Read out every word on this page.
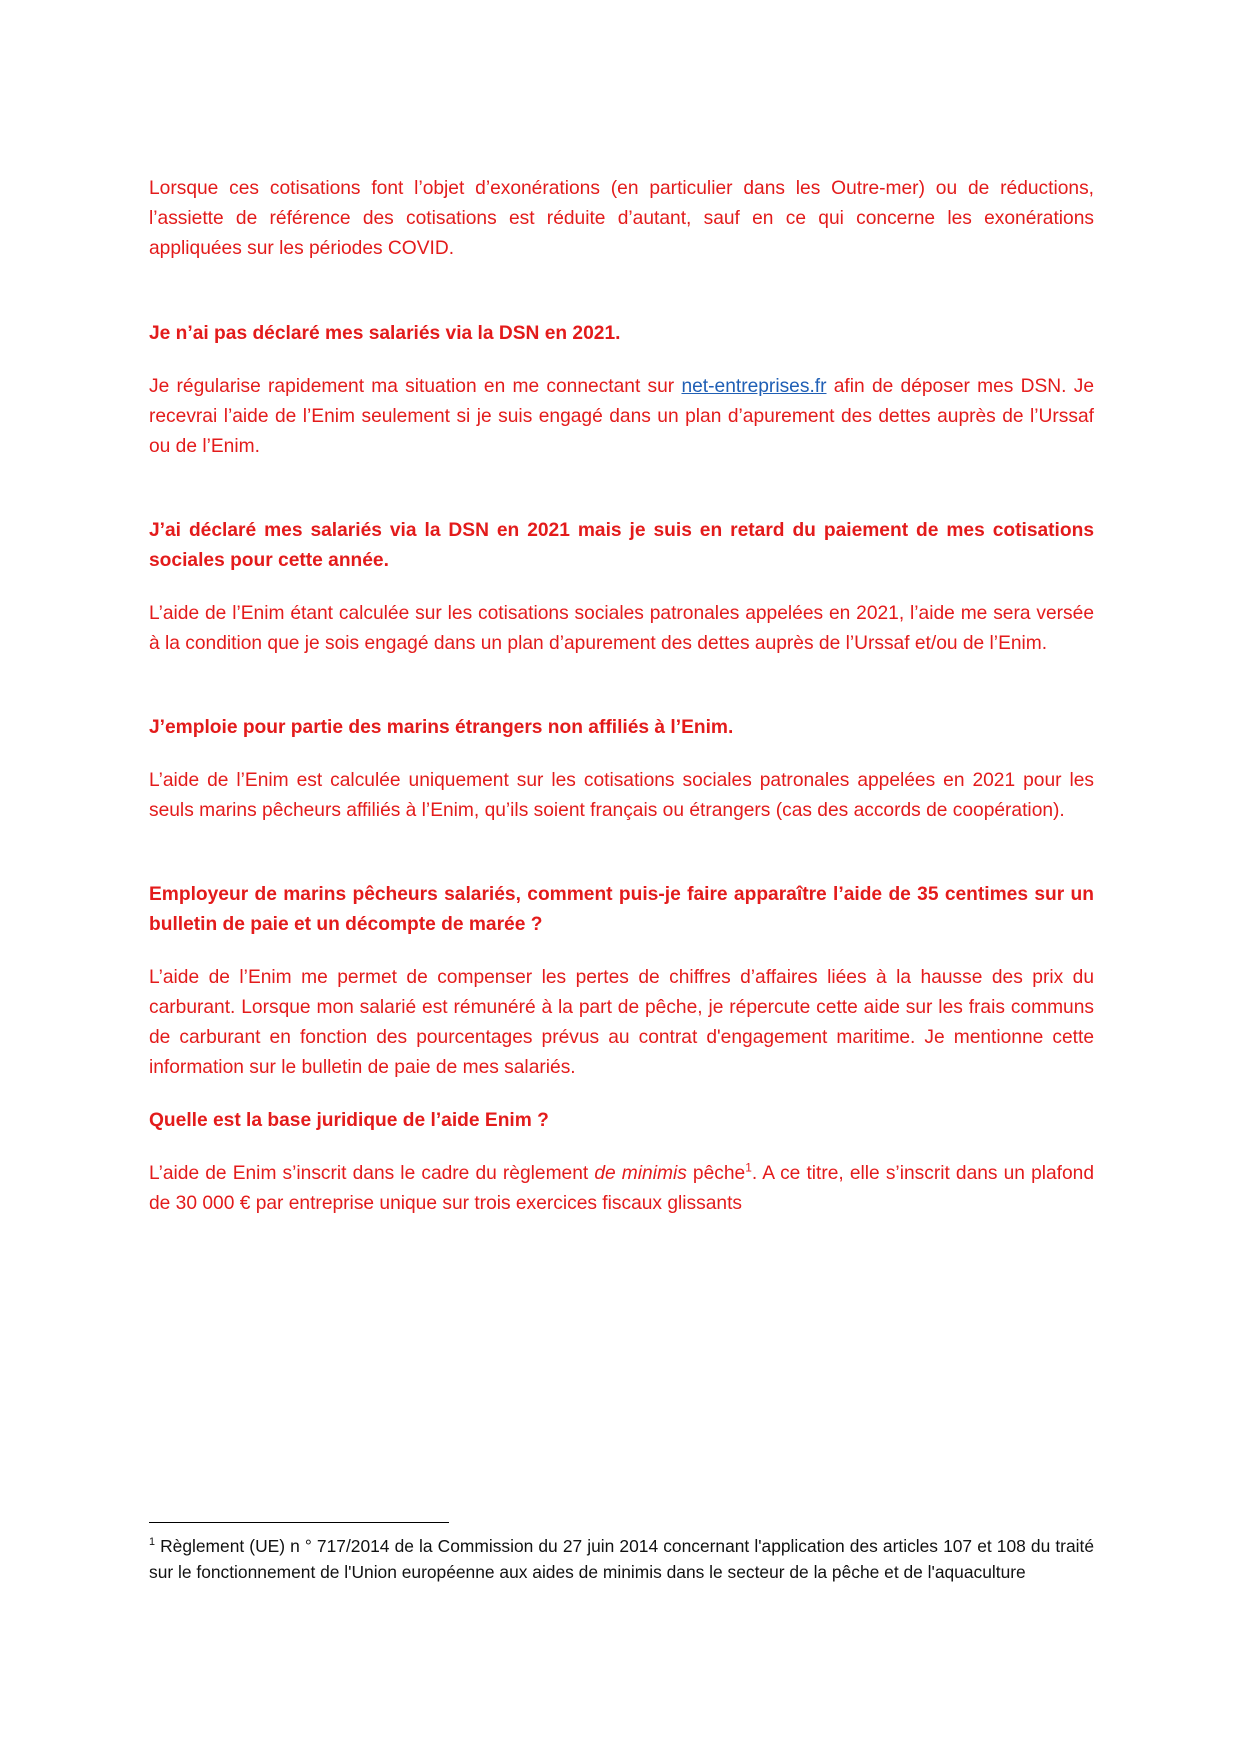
Lorsque ces cotisations font l’objet d’exonérations (en particulier dans les Outre-mer) ou de réductions, l’assiette de référence des cotisations est réduite d’autant, sauf en ce qui concerne les exonérations appliquées sur les périodes COVID.

Je n’ai pas déclaré mes salariés via la DSN en 2021.

Je régularise rapidement ma situation en me connectant sur net-entreprises.fr afin de déposer mes DSN. Je recevrai l’aide de l’Enim seulement si je suis engagé dans un plan d’apurement des dettes auprès de l’Urssaf ou de l’Enim.

J’ai déclaré mes salariés via la DSN en 2021 mais je suis en retard du paiement de mes cotisations sociales pour cette année.

L’aide de l’Enim étant calculée sur les cotisations sociales patronales appelées en 2021, l’aide me sera versée à la condition que je sois engagé dans un plan d’apurement des dettes auprès de l’Urssaf et/ou de l’Enim.

J’emploie pour partie des marins étrangers non affiliés à l’Enim.

L’aide de l’Enim est calculée uniquement sur les cotisations sociales patronales appelées en 2021 pour les seuls marins pêcheurs affiliés à l’Enim, qu’ils soient français ou étrangers (cas des accords de coopération).

Employeur de marins pêcheurs salariés, comment puis-je faire apparaître l’aide de 35 centimes sur un bulletin de paie et un décompte de marée ?

L’aide de l’Enim me permet de compenser les pertes de chiffres d’affaires liées à la hausse des prix du carburant. Lorsque mon salarié est rémunéré à la part de pêche, je répercute cette aide sur les frais communs de carburant en fonction des pourcentages prévus au contrat d'engagement maritime. Je mentionne cette information sur le bulletin de paie de mes salariés.

Quelle est la base juridique de l’aide Enim ?

L’aide de Enim s’inscrit dans le cadre du règlement de minimis pêche$^1$. A ce titre, elle s’inscrit dans un plafond de 30 000 € par entreprise unique sur trois exercices fiscaux glissants

$^1$ Règlement (UE) n ° 717/2014 de la Commission du 27 juin 2014 concernant l'application des articles 107 et 108 du traité sur le fonctionnement de l'Union européenne aux aides de minimis dans le secteur de la pêche et de l'aquaculture
